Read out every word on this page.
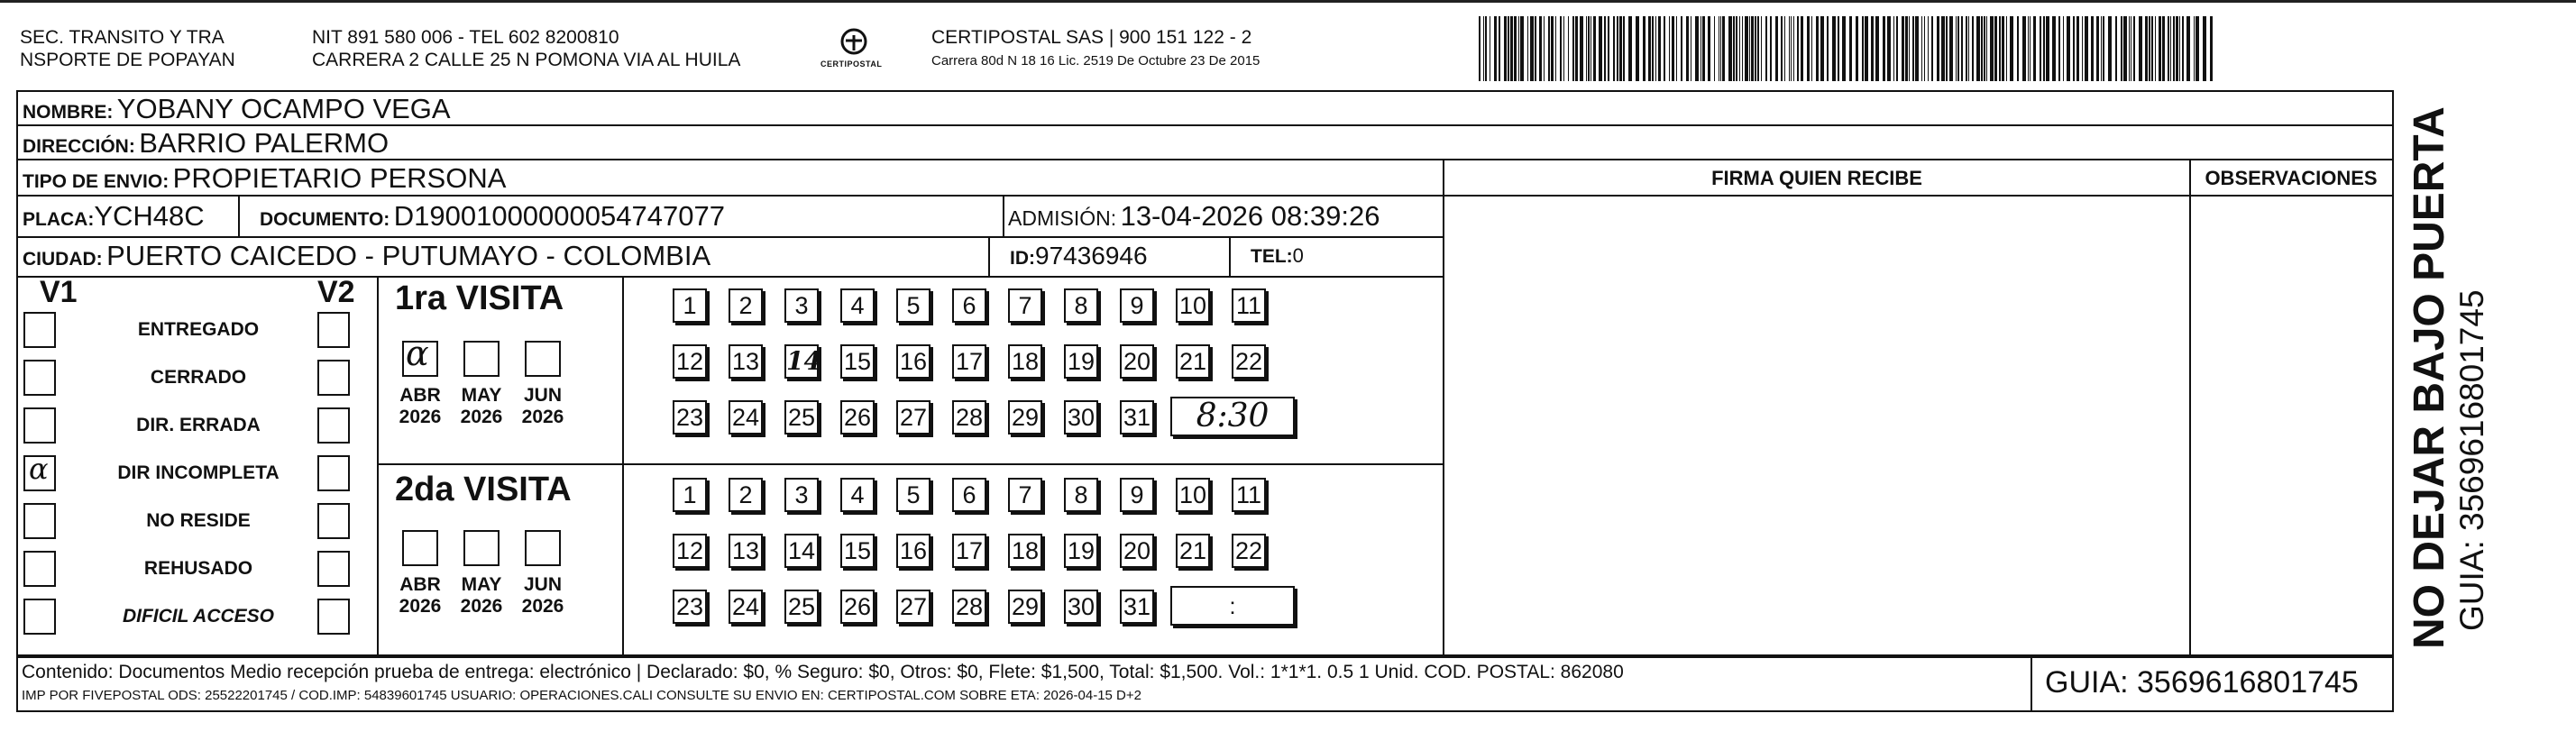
SEC. TRANSITO Y TRA
NSPORTE DE POPAYAN
NIT 891 580 006 - TEL 602 8200810
CARRERA 2 CALLE 25 N POMONA VIA AL HUILA	CERTIPOSTAL
CERTIPOSTAL SAS | 900 151 122 - 2
Carrera 80d N 18 16 Lic. 2519 De Octubre 23 De 2015
NOMBRE: YOBANY OCAMPO VEGA
DIRECCIÓN: BARRIO PALERMO
TIPO DE ENVIO: PROPIETARIO PERSONA	FIRMA QUIEN RECIBE	OBSERVACIONES
PLACA:YCH48C	DOCUMENTO: D19001000000054747077	ADMISIÓN: 13-04-2026 08:39:26
CIUDAD: PUERTO CAICEDO - PUTUMAYO - COLOMBIA	ID:97436946	TEL:0
V1	V2
ENTREGADO
CERRADO
DIR. ERRADA
α	DIR INCOMPLETA
NO RESIDE
REHUSADO
DIFICIL ACCESO
1ra VISITA
2da VISITA
α
ABR
2026
MAY
2026
JUN
2026
ABR
2026
MAY
2026
JUN
2026
1	2	3	4	5	6	7	8	9	10 11
12 13 14 15 16 17 18 19 20 21 22
23 24 25 26 27 28 29 30 31	8:30
1	2	3	4	5	6	7	8	9	10 11
12 13 14 15 16 17 18 19 20 21 22
23 24 25 26 27 28 29 30 31	:	NO DEJAR BAJO PUERTA GUIA: 3569616801745
Contenido: Documentos Medio recepción prueba de entrega: electrónico | Declarado: $0, % Seguro: $0, Otros: $0, Flete: $1,500, Total: $1,500. Vol.: 1*1*1. 0.5 1 Unid. COD. POSTAL: 862080
IMP POR FIVEPOSTAL ODS: 25522201745 / COD.IMP: 54839601745 USUARIO: OPERACIONES.CALI CONSULTE SU ENVIO EN: CERTIPOSTAL.COM SOBRE ETA: 2026-04-15 D+2	GUIA: 3569616801745
